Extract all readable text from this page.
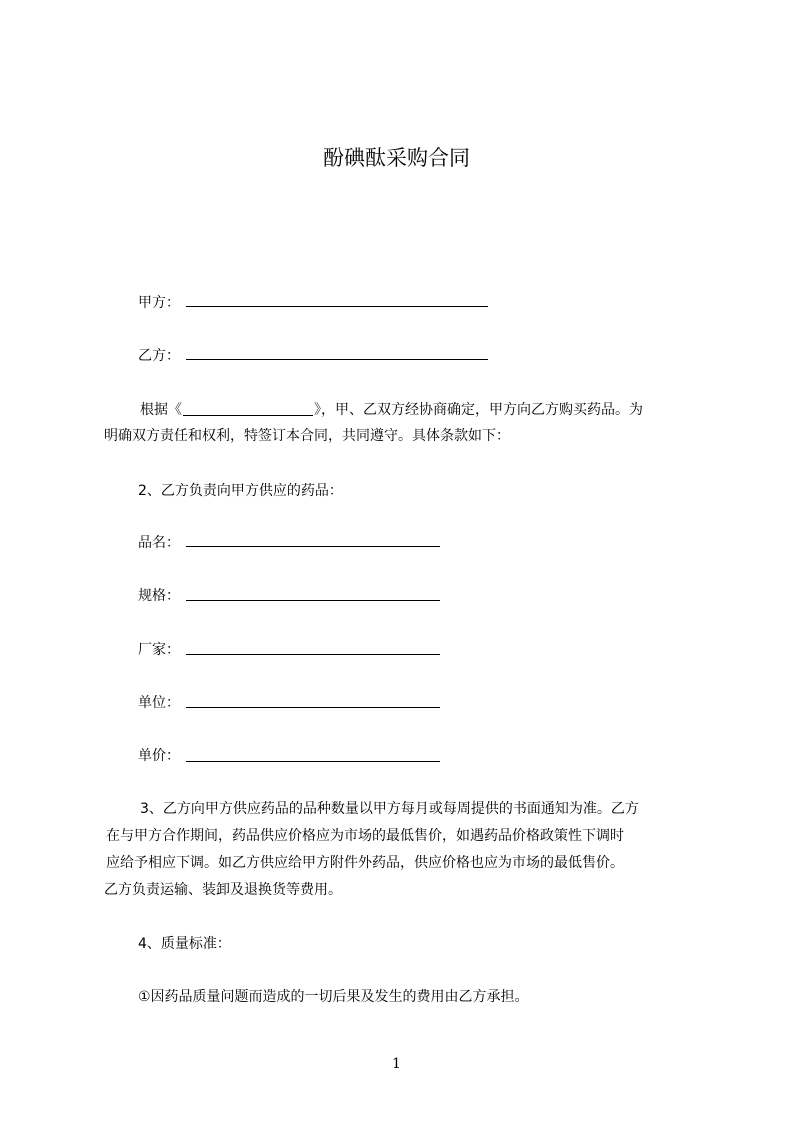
酚碘酞采购合同
甲方：
乙方：
根据《	》，甲、乙双方经协商确定，甲方向乙方购买药品。为
明确双方责任和权利，特签订本合同，共同遵守。具体条款如下：
2、乙方负责向甲方供应的药品：
品名：
规格：
厂家：
单位：
单价：
3、乙方向甲方供应药品的品种数量以甲方每月或每周提供的书面通知为准。乙方
在与甲方合作期间，药品供应价格应为市场的最低售价，如遇药品价格政策性下调时
应给予相应下调。如乙方供应给甲方附件外药品，供应价格也应为市场的最低售价。
乙方负责运输、装卸及退换货等费用。
4、质量标准：
①因药品质量问题而造成的一切后果及发生的费用由乙方承担。
1
